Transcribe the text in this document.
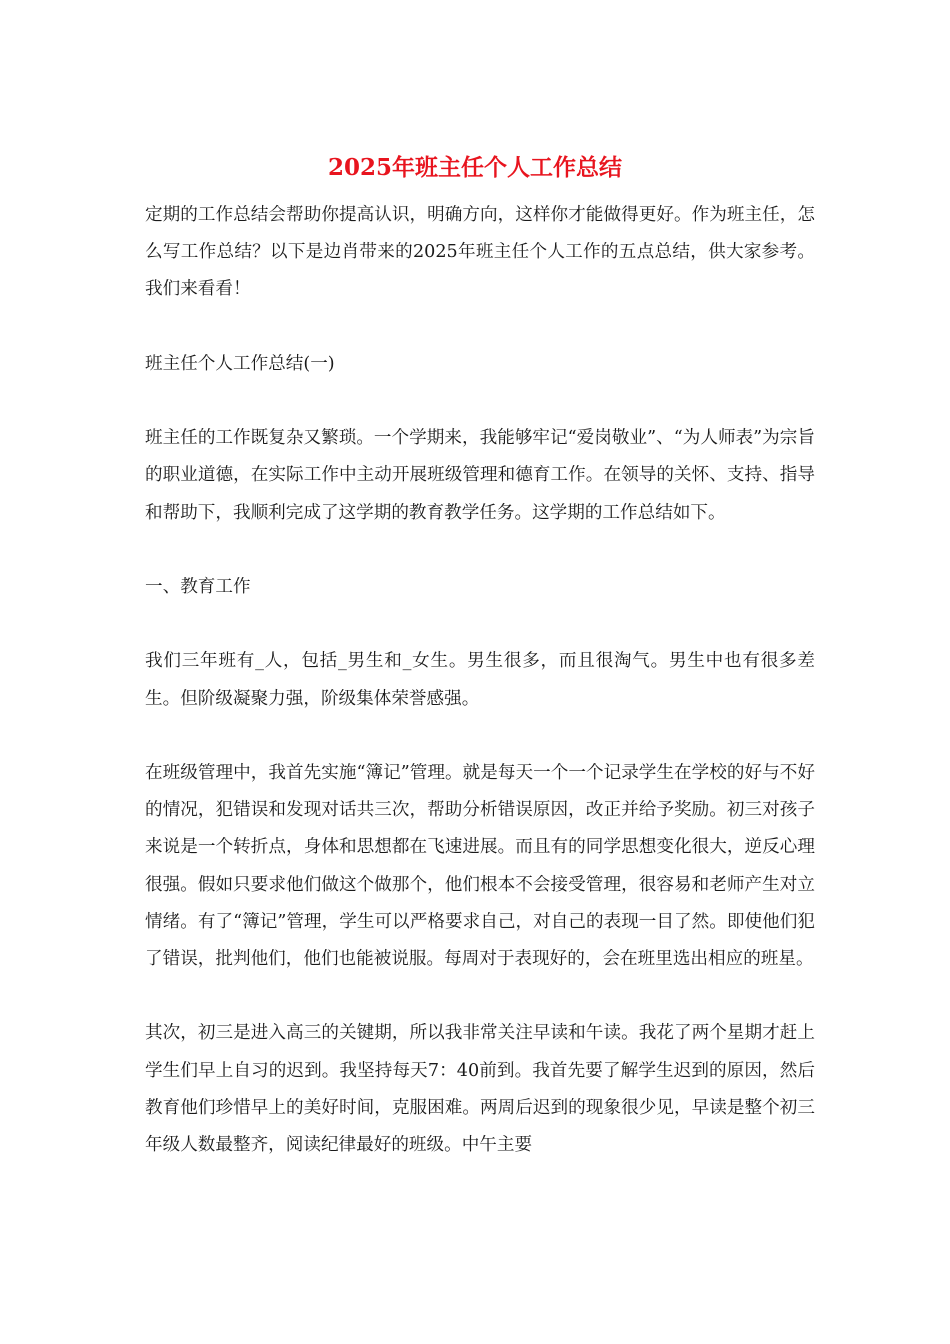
2025年班主任个人工作总结

定期的工作总结会帮助你提高认识，明确方向，这样你才能做得更好。作为班主任，怎么写工作总结？以下是边肖带来的2025年班主任个人工作的五点总结，供大家参考。我们来看看！

班主任个人工作总结(一)

班主任的工作既复杂又繁琐。一个学期来，我能够牢记“爱岗敬业”、“为人师表”为宗旨的职业道德，在实际工作中主动开展班级管理和德育工作。在领导的关怀、支持、指导和帮助下，我顺利完成了这学期的教育教学任务。这学期的工作总结如下。

一、教育工作

我们三年班有_人，包括_男生和_女生。男生很多，而且很淘气。男生中也有很多差生。但阶级凝聚力强，阶级集体荣誉感强。

在班级管理中，我首先实施“簿记”管理。就是每天一个一个记录学生在学校的好与不好的情况，犯错误和发现对话共三次，帮助分析错误原因，改正并给予奖励。初三对孩子来说是一个转折点，身体和思想都在飞速进展。而且有的同学思想变化很大，逆反心理很强。假如只要求他们做这个做那个，他们根本不会接受管理，很容易和老师产生对立情绪。有了“簿记”管理，学生可以严格要求自己，对自己的表现一目了然。即使他们犯了错误，批判他们，他们也能被说服。每周对于表现好的，会在班里选出相应的班星。

其次，初三是进入高三的关键期，所以我非常关注早读和午读。我花了两个星期才赶上学生们早上自习的迟到。我坚持每天7：40前到。我首先要了解学生迟到的原因，然后教育他们珍惜早上的美好时间，克服困难。两周后迟到的现象很少见，早读是整个初三年级人数最整齐，阅读纪律最好的班级。中午主要
